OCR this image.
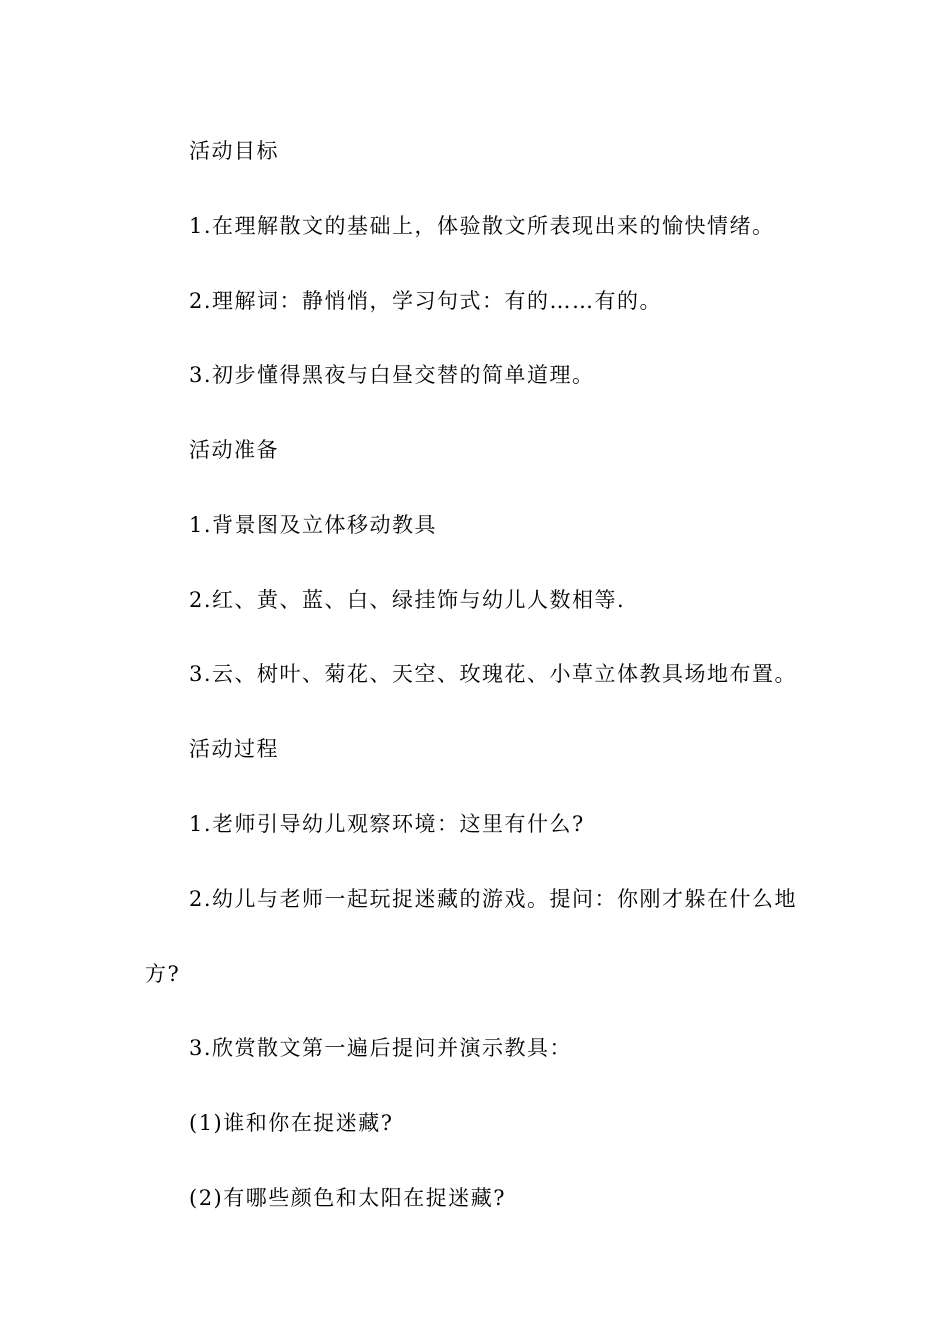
活动目标
1.在理解散文的基础上，体验散文所表现出来的愉快情绪。
2.理解词：静悄悄，学习句式：有的……有的。
3.初步懂得黑夜与白昼交替的简单道理。
活动准备
1.背景图及立体移动教具
2.红、黄、蓝、白、绿挂饰与幼儿人数相等.
3.云、树叶、菊花、天空、玫瑰花、小草立体教具场地布置。
活动过程
1.老师引导幼儿观察环境：这里有什么?
2.幼儿与老师一起玩捉迷藏的游戏。提问：你刚才躲在什么地
方?
3.欣赏散文第一遍后提问并演示教具：
(1)谁和你在捉迷藏?
(2)有哪些颜色和太阳在捉迷藏?
